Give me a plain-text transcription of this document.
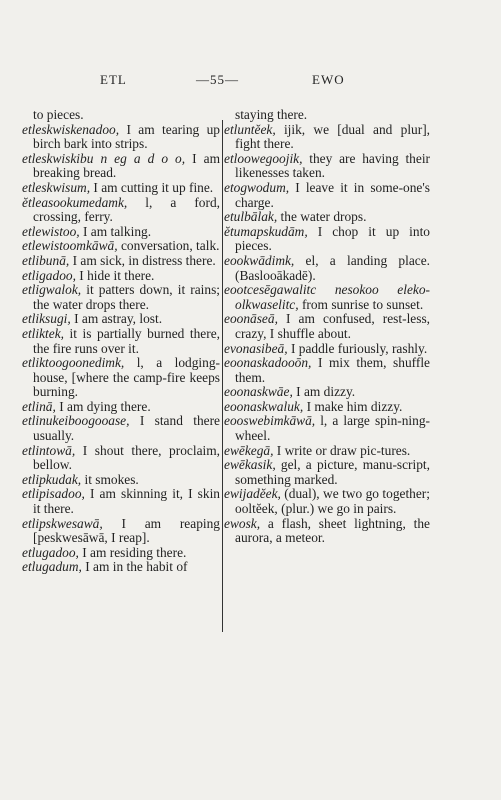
ETL	—55—	EWO
to pieces.
etleskwiskenadoo, I am tearing up birch bark into strips.
etleskwiskibu n eg a d o o, I am breaking bread.
etleskwisum, I am cutting it up fine.
ĕtleasookumedamk, l, a ford, crossing, ferry.
etlewistoo, I am talking.
etlewistoomkāwā, conversation, talk.
etlibunā, I am sick, in distress there.
etligadoo, I hide it there.
etligwalok, it patters down, it rains; the water drops there.
etliksugi, I am astray, lost.
etliktek, it is partially burned there, the fire runs over it.
etliktoogoonedimk, l, a lodging-house, [where the camp-fire keeps burning.
etlinā, I am dying there.
etlinukeiboogooase, I stand there usually.
etlintowā, I shout there, proclaim, bellow.
etlipkudak, it smokes.
etlipisadoo, I am skinning it, I skin it there.
etlipskwesawā, I am reaping [peskwesāwā, I reap].
etlugadoo, I am residing there.
etlugadum, I am in the habit of
staying there.
etluntĕek, ijik, we [dual and plur], fight there.
etloowegoojik, they are having their likenesses taken.
etogwodum, I leave it in some-one's charge.
etulbālak, the water drops.
ĕtumapskudām, I chop it up into pieces.
eookwādimk, el, a landing place. (Baslooākadē).
eootcesēgawalitc nesokoo eleko-olkwaselitc, from sunrise to sunset.
eoonāseā, I am confused, rest-less, crazy, I shuffle about.
evonasibeā, I paddle furiously, rashly.
eoonaskadooōn, I mix them, shuffle them.
eoonaskwāe, I am dizzy.
eoonaskwaluk, I make him dizzy.
eooswebimkāwā, l, a large spin-ning-wheel.
ewēkegā, I write or draw pic-tures.
ewēkasik, gel, a picture, manu-script, something marked.
ewijadĕek, (dual), we two go together; ooltĕek, (plur.) we go in pairs.
ewosk, a flash, sheet lightning, the aurora, a meteor.
